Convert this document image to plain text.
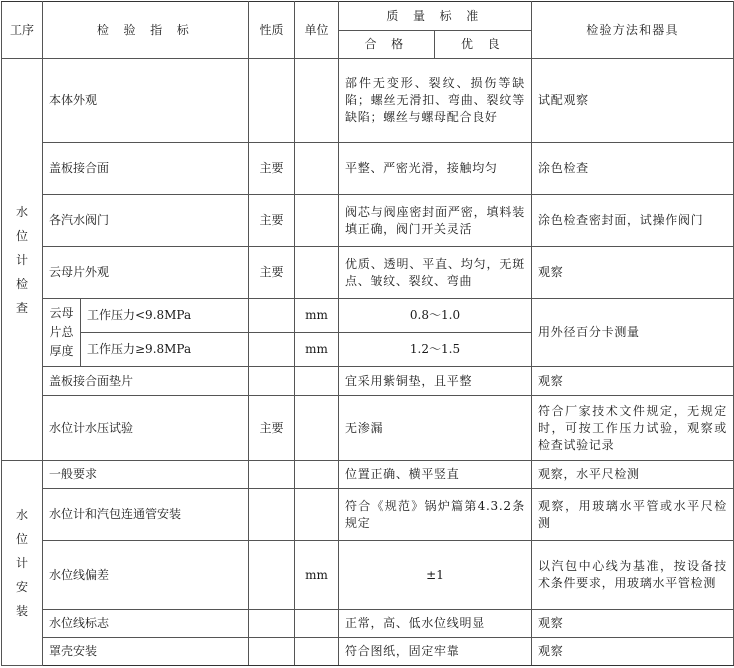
工序	检 验 指 标		性质	单位	质 量 标 准		检验方法和器具
					合 格	优 良	

水
位
计
检
查	本体外观				部件无变形、裂纹、损伤等缺陷；螺丝无滑扣、弯曲、裂纹等缺陷；螺丝与螺母配合良好		试配观察
	盖板接合面		主要		平整、严密光滑，接触均匀		涂色检查
	各汽水阀门		主要		阀芯与阀座密封面严密，填料装填正确，阀门开关灵活		涂色检查密封面，试操作阀门
	云母片外观		主要		优质、透明、平直、均匀，无斑点、皱纹、裂纹、弯曲		观察
	云母片总厚度	工作压力<9.8MPa		mm	0.8～1.0		用外径百分卡测量
		工作压力≥9.8MPa		mm	1.2～1.5		
	盖板接合面垫片				宜采用紫铜垫，且平整		观察
	水位计水压试验		主要		无渗漏		符合厂家技术文件规定，无规定时，可按工作压力试验，观察或检查试验记录

水
位
计
安
装	一般要求				位置正确、横平竖直		观察，水平尺检测
	水位计和汽包连通管安装				符合《规范》锅炉篇第4.3.2条规定		观察，用玻璃水平管或水平尺检测
	水位线偏差			mm	±1		以汽包中心线为基准，按设备技术条件要求，用玻璃水平管检测
	水位线标志				正常，高、低水位线明显		观察
	罩壳安装				符合图纸，固定牢靠		观察
